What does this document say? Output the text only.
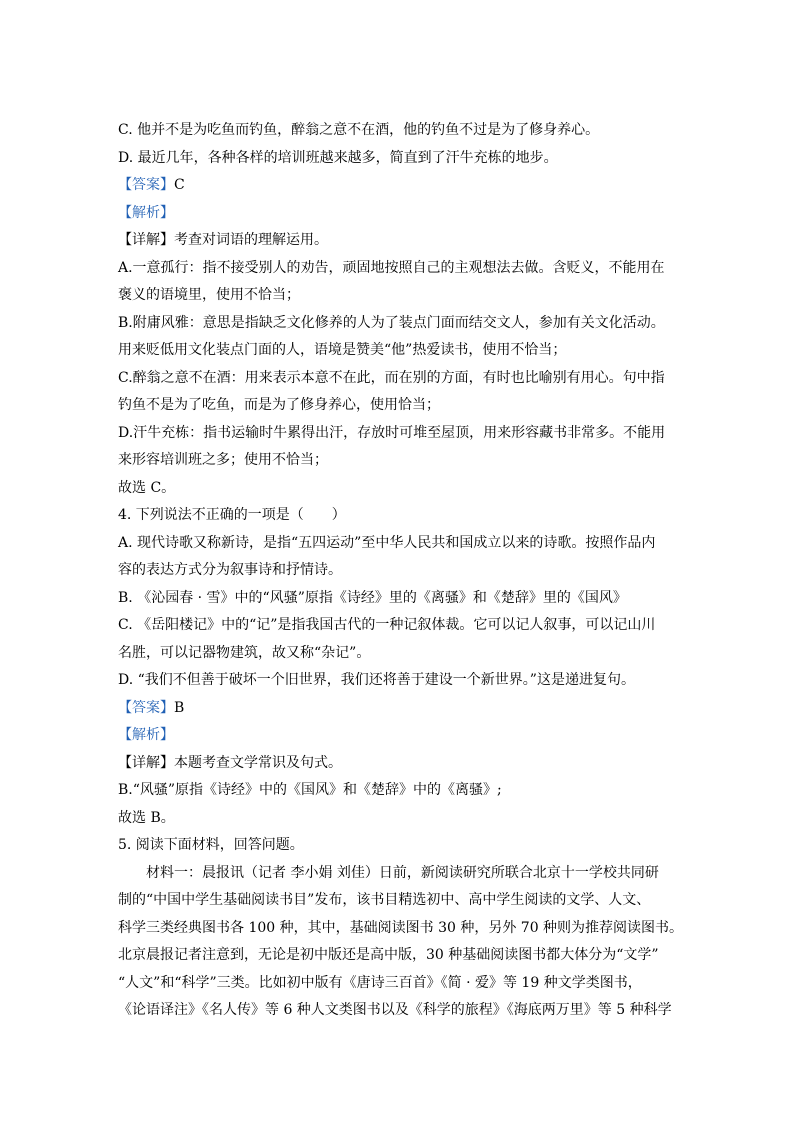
C. 他并不是为吃鱼而钓鱼，醉翁之意不在酒，他的钓鱼不过是为了修身养心。
D. 最近几年，各种各样的培训班越来越多，简直到了汗牛充栋的地步。
【答案】C
【解析】
【详解】考查对词语的理解运用。
A.一意孤行：指不接受别人的劝告，顽固地按照自己的主观想法去做。含贬义，不能用在
褒义的语境里，使用不恰当；
B.附庸风雅：意思是指缺乏文化修养的人为了装点门面而结交文人，参加有关文化活动。
用来贬低用文化装点门面的人，语境是赞美“他”热爱读书，使用不恰当；
C.醉翁之意不在酒：用来表示本意不在此，而在别的方面，有时也比喻别有用心。句中指
钓鱼不是为了吃鱼，而是为了修身养心，使用恰当；
D.汗牛充栋：指书运输时牛累得出汗，存放时可堆至屋顶，用来形容藏书非常多。不能用
来形容培训班之多；使用不恰当；
故选 C。
4. 下列说法不正确的一项是（　　）
A. 现代诗歌又称新诗，是指“五四运动”至中华人民共和国成立以来的诗歌。按照作品内
容的表达方式分为叙事诗和抒情诗。
B. 《沁园春 · 雪》中的“风骚”原指《诗经》里的《离骚》和《楚辞》里的《国风》
C. 《岳阳楼记》中的“记”是指我国古代的一种记叙体裁。它可以记人叙事，可以记山川
名胜，可以记器物建筑，故又称“杂记”。
D. “我们不但善于破坏一个旧世界，我们还将善于建设一个新世界。”这是递进复句。
【答案】B
【解析】
【详解】本题考查文学常识及句式。
B.“风骚”原指《诗经》中的《国风》和《楚辞》中的《离骚》;
故选 B。
5. 阅读下面材料，回答问题。
材料一：晨报讯（记者 李小娟 刘佳）日前，新阅读研究所联合北京十一学校共同研
制的“中国中学生基础阅读书目”发布，该书目精选初中、高中学生阅读的文学、人文、
科学三类经典图书各 100 种，其中，基础阅读图书 30 种，另外 70 种则为推荐阅读图书。
北京晨报记者注意到，无论是初中版还是高中版，30 种基础阅读图书都大体分为“文学”
“人文”和“科学”三类。比如初中版有《唐诗三百首》《简 · 爱》等 19 种文学类图书，
《论语译注》《名人传》等 6 种人文类图书以及《科学的旅程》《海底两万里》等 5 种科学
